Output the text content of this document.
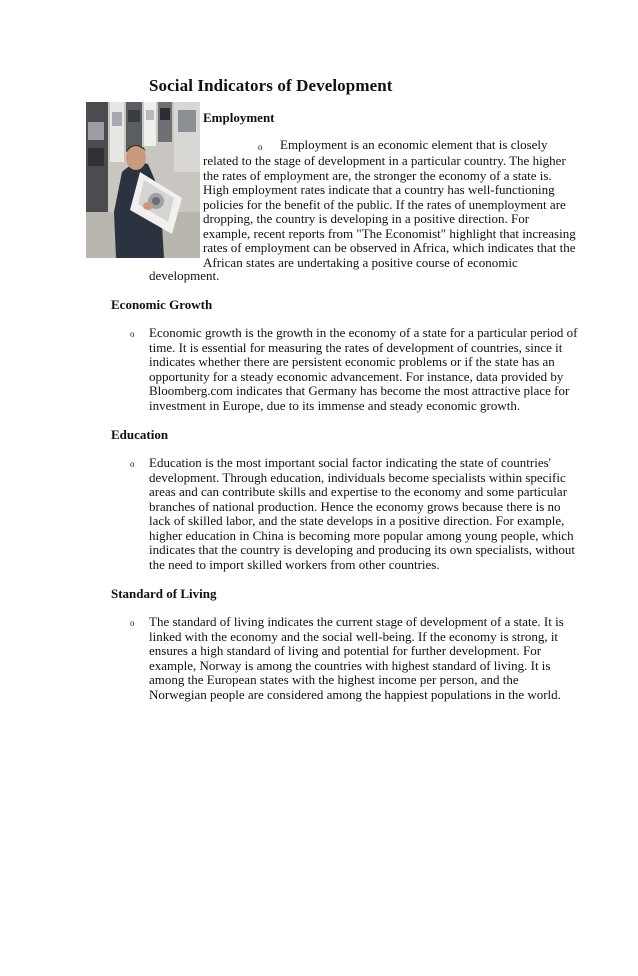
Social Indicators of Development
Employment
o Employment is an economic element that is closely
related to the stage of development in a particular country. The higher
the rates of employment are, the stronger the economy of a state is.
High employment rates indicate that a country has well-functioning
policies for the benefit of the public. If the rates of unemployment are
dropping, the country is developing in a positive direction. For
example, recent reports from "The Economist" highlight that increasing
rates of employment can be observed in Africa, which indicates that the
African states are undertaking a positive course of economic
development.
Economic Growth
o Economic growth is the growth in the economy of a state for a particular period of
time. It is essential for measuring the rates of development of countries, since it
indicates whether there are persistent economic problems or if the state has an
opportunity for a steady economic advancement. For instance, data provided by
Bloomberg.com indicates that Germany has become the most attractive place for
investment in Europe, due to its immense and steady economic growth.
Education
o Education is the most important social factor indicating the state of countries'
development. Through education, individuals become specialists within specific
areas and can contribute skills and expertise to the economy and some particular
branches of national production. Hence the economy grows because there is no
lack of skilled labor, and the state develops in a positive direction. For example,
higher education in China is becoming more popular among young people, which
indicates that the country is developing and producing its own specialists, without
the need to import skilled workers from other countries.
Standard of Living
o The standard of living indicates the current stage of development of a state. It is
linked with the economy and the social well-being. If the economy is strong, it
ensures a high standard of living and potential for further development. For
example, Norway is among the countries with highest standard of living. It is
among the European states with the highest income per person, and the
Norwegian people are considered among the happiest populations in the world.
